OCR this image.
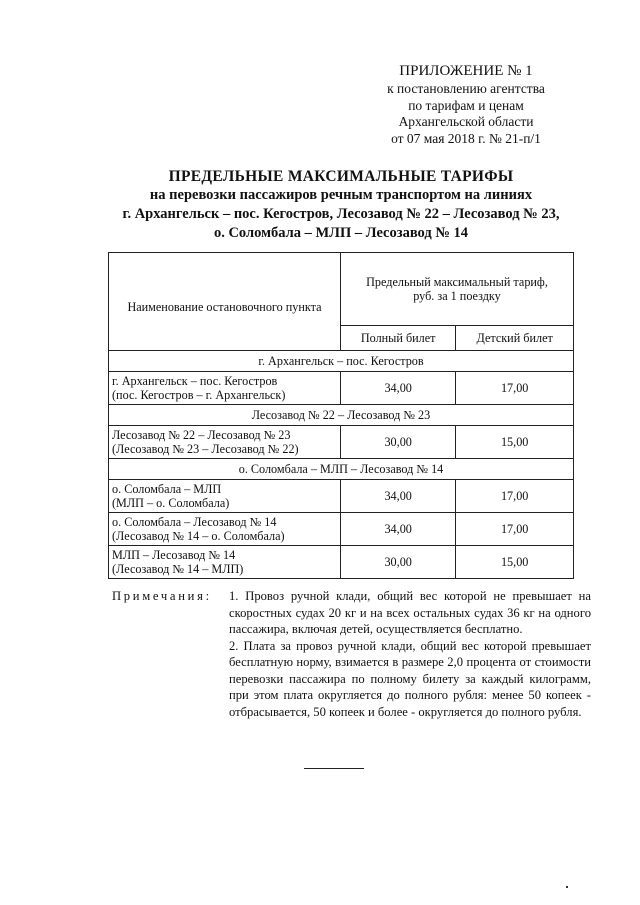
ПРИЛОЖЕНИЕ № 1
к постановлению агентства
по тарифам и ценам
Архангельской области
от 07 мая 2018 г. № 21-п/1
ПРЕДЕЛЬНЫЕ МАКСИМАЛЬНЫЕ ТАРИФЫ
на перевозки пассажиров речным транспортом на линиях
г. Архангельск – пос. Кегостров, Лесозавод № 22 – Лесозавод № 23,
о. Соломбала – МЛП – Лесозавод № 14
Наименование остановочного пункта	Предельный максимальный тариф,
руб. за 1 поездку	

	Полный билет	Детский билет
г. Архангельск – пос. Кегостров		

г. Архангельск – пос. Кегостров
(пос. Кегостров – г. Архангельск)	34,00	17,00
Лесозавод № 22 – Лесозавод № 23		

Лесозавод № 22 – Лесозавод № 23
(Лесозавод № 23 – Лесозавод № 22)	30,00	15,00
о. Соломбала – МЛП – Лесозавод № 14		

о. Соломбала – МЛП
(МЛП – о. Соломбала)	34,00	17,00

о. Соломбала – Лесозавод № 14
(Лесозавод № 14 – о. Соломбала)	34,00	17,00

МЛП – Лесозавод № 14
(Лесозавод № 14 – МЛП)	30,00	15,00
Примечания: 1. Провоз ручной клади, общий вес которой не превышает на скоростных судах 20 кг и на всех остальных судах 36 кг на одного пассажира, включая детей, осуществляется бесплатно.

2. Плата за провоз ручной клади, общий вес которой превышает бесплатную норму, взимается в размере 2,0 процента от стоимости перевозки пассажира по полному билету за каждый килограмм, при этом плата округляется до полного рубля: менее 50 копеек - отбрасывается, 50 копеек и более - округляется до полного рубля.
